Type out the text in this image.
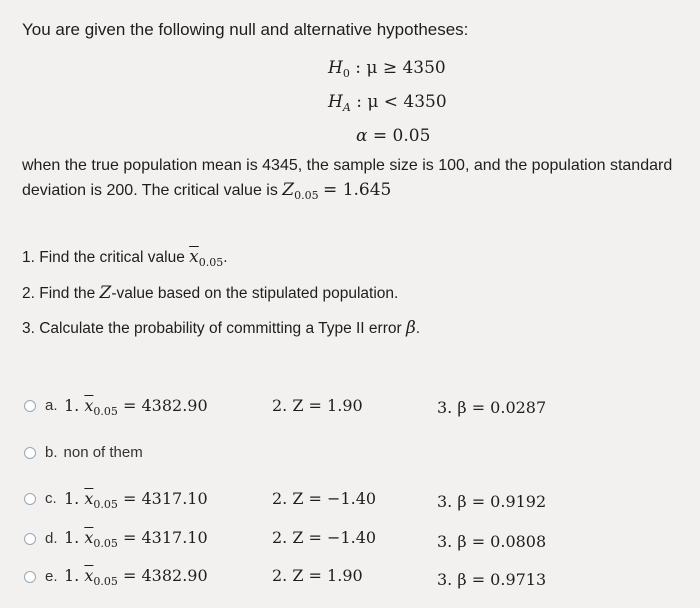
You are given the following null and alternative hypotheses:
$H_0$ : μ ≥ 4350
$H_A$ : μ < 4350
α = 0.05
when the true population mean is 4345, the sample size is 100, and the population standard
deviation is 200. The critical value is $Z_{0.05} = 1.645$
1. Find the critical value $\overline{x}_{0.05}$.
2. Find the Z-value based on the stipulated population.
3. Calculate the probability of committing a Type II error β.
a. 1. $\overline{x}_{0.05} = 4382.90$	2. Z = 1.90	3. β = 0.0287
b. non of them
c. 1. $\overline{x}_{0.05} = 4317.10$	2. Z = −1.40	3. β = 0.9192
d. 1. $\overline{x}_{0.05} = 4317.10$	2. Z = −1.40	3. β = 0.0808
e. 1. $\overline{x}_{0.05} = 4382.90$	2. Z = 1.90	3. β = 0.9713
